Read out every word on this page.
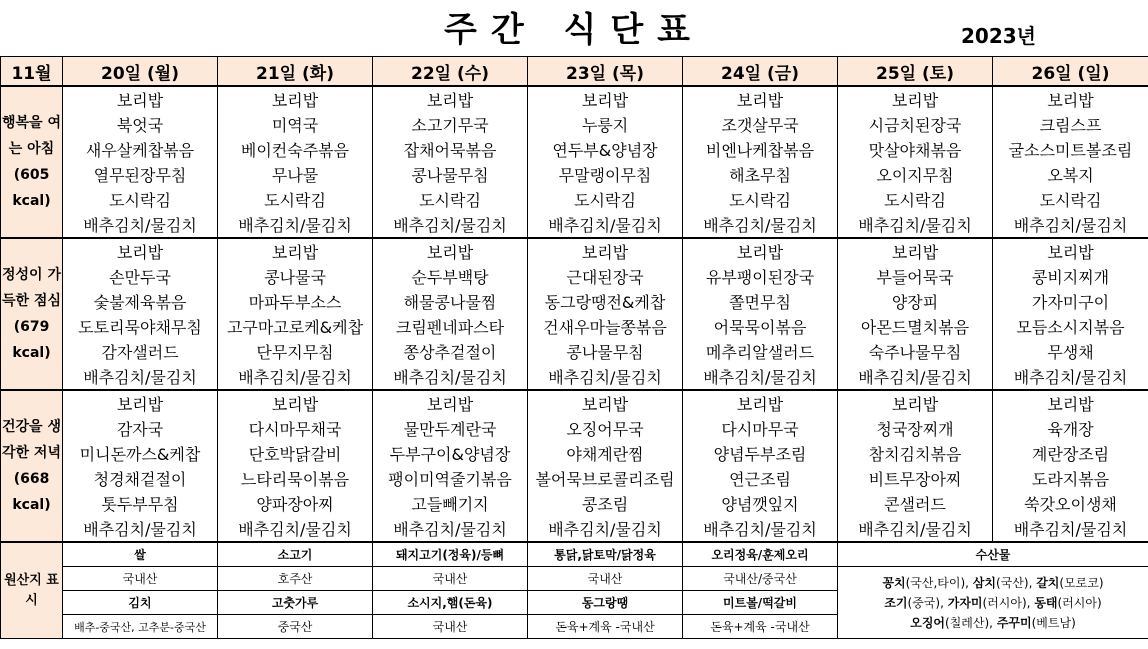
주간 식단표	2023년
11월	20일 (월)	21일 (화)	22일 (수)	23일 (목)	24일 (금)	25일 (토)	26일 (일)
행복을 여는 아침 (605 kcal)	보리밥	보리밥	보리밥	보리밥	보리밥	보리밥	보리밥
	북엇국	미역국	소고기무국	누룽지	조갯살무국	시금치된장국	크림스프
	새우살케찹볶음	베이컨숙주볶음	잡채어묵볶음	연두부&양념장	비엔나케찹볶음	맛살야채볶음	굴소스미트볼조림
	열무된장무침	무나물	콩나물무침	무말랭이무침	해초무침	오이지무침	오복지
	도시락김	도시락김	도시락김	도시락김	도시락김	도시락김	도시락김
	배추김치/물김치	배추김치/물김치	배추김치/물김치	배추김치/물김치	배추김치/물김치	배추김치/물김치	배추김치/물김치
정성이 가득한 점심 (679 kcal)	보리밥	보리밥	보리밥	보리밥	보리밥	보리밥	보리밥
	손만두국	콩나물국	순두부백탕	근대된장국	유부팽이된장국	부들어묵국	콩비지찌개
	숯불제육볶음	마파두부소스	해물콩나물찜	동그랑땡전&케찹	쫄면무침	양장피	가자미구이
	도토리묵야채무침	고구마고로케&케찹	크림펜네파스타	건새우마늘쫑볶음	어묵묵이볶음	아몬드멸치볶음	모듬소시지볶음
	감자샐러드	단무지무침	쫑상추겉절이	콩나물무침	메추리알샐러드	숙주나물무침	무생채
	배추김치/물김치	배추김치/물김치	배추김치/물김치	배추김치/물김치	배추김치/물김치	배추김치/물김치	배추김치/물김치
건강을 생각한 저녁 (668 kcal)	보리밥	보리밥	보리밥	보리밥	보리밥	보리밥	보리밥
	감자국	다시마무채국	물만두계란국	오징어무국	다시마무국	청국장찌개	육개장
	미니돈까스&케찹	단호박닭갈비	두부구이&양념장	야채계란찜	양념두부조림	참치김치볶음	계란장조림
	청경채겉절이	느타리묵이볶음	팽이미역줄기볶음	볼어묵브로콜리조림	연근조림	비트무장아찌	도라지볶음
	톳두부무침	양파장아찌	고들빼기지	콩조림	양념깻잎지	콘샐러드	쑥갓오이생채
	배추김치/물김치	배추김치/물김치	배추김치/물김치	배추김치/물김치	배추김치/물김치	배추김치/물김치	배추김치/물김치
원산지 표시	쌀	소고기	돼지고기(정육)/등뼈	통닭,닭토막/닭정육	오리정육/훈제오리	수산물	
	국내산	호주산	국내산	국내산	국내산/중국산	꽁치(국산,타이), 삼치(국산), 갈치(모로코)
조기(중국), 가자미(러시아), 동태(러시아)
오징어(칠레산), 주꾸미(베트남)	
	김치	고춧가루	소시지,햄(돈육)	동그랑땡	미트볼/떡갈비		
	배추-중국산, 고추분-중국산	중국산	국내산	돈육+계육 -국내산	돈육+계육 -국내산		
